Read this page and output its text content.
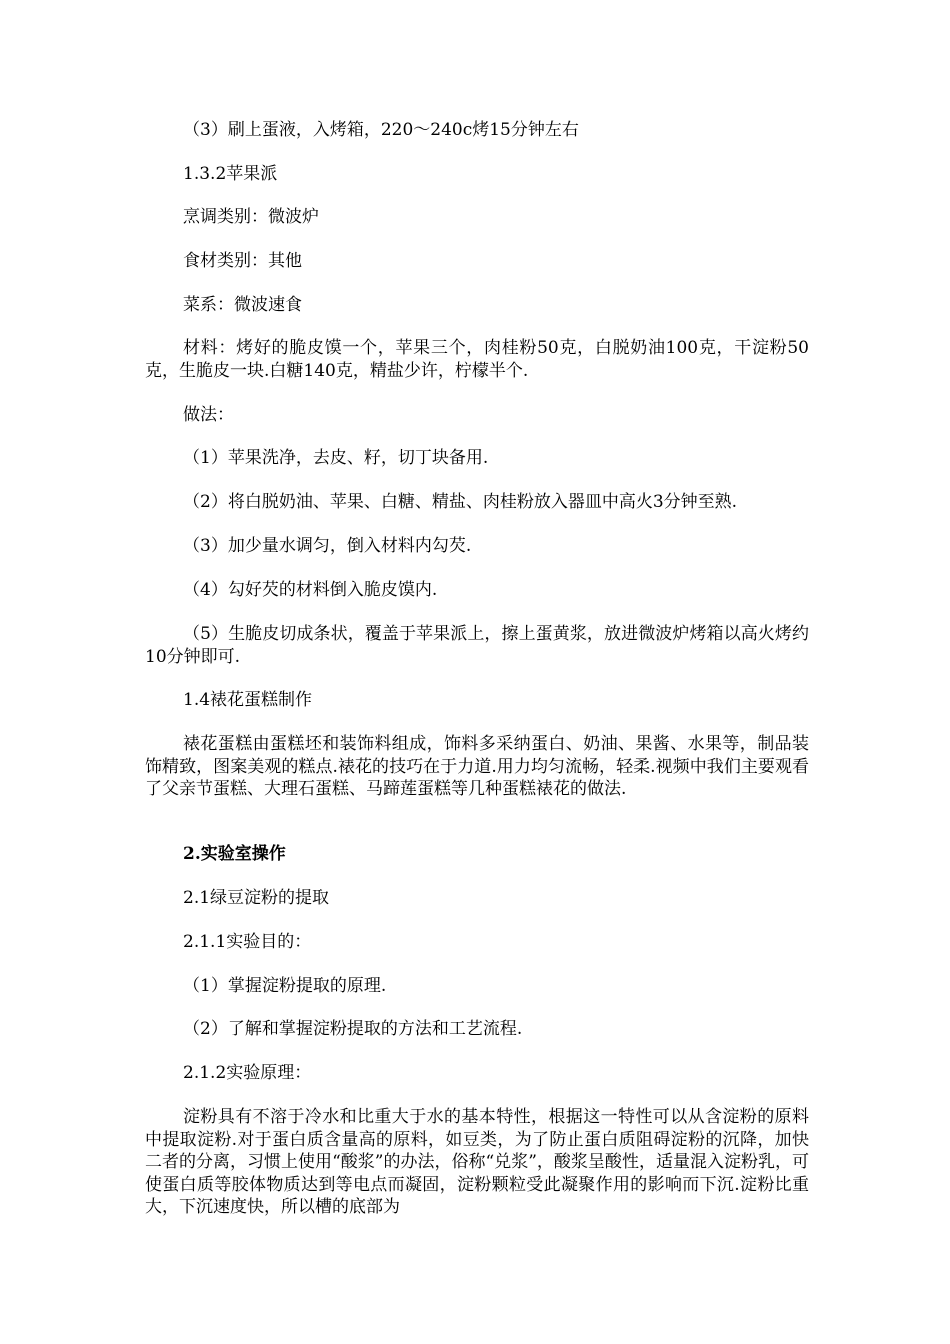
（3）刷上蛋液，入烤箱，220～240c烤15分钟左右
1.3.2苹果派
烹调类别：微波炉
食材类别：其他
菜系：微波速食
材料：烤好的脆皮馍一个，苹果三个，肉桂粉50克，白脱奶油100克，干淀粉50克，生脆皮一块.白糖140克，精盐少许，柠檬半个.
做法：
（1）苹果洗净，去皮、籽，切丁块备用.
（2）将白脱奶油、苹果、白糖、精盐、肉桂粉放入器皿中高火3分钟至熟.
（3）加少量水调匀，倒入材料内勾芡.
（4）勾好芡的材料倒入脆皮馍内.
（5）生脆皮切成条状，覆盖于苹果派上，擦上蛋黄浆，放进微波炉烤箱以高火烤约10分钟即可.
1.4裱花蛋糕制作
裱花蛋糕由蛋糕坯和装饰料组成，饰料多采纳蛋白、奶油、果酱、水果等，制品装饰精致，图案美观的糕点.裱花的技巧在于力道.用力均匀流畅，轻柔.视频中我们主要观看了父亲节蛋糕、大理石蛋糕、马蹄莲蛋糕等几种蛋糕裱花的做法.
2.实验室操作
2.1绿豆淀粉的提取
2.1.1实验目的：
（1）掌握淀粉提取的原理.
（2）了解和掌握淀粉提取的方法和工艺流程.
2.1.2实验原理：
淀粉具有不溶于冷水和比重大于水的基本特性，根据这一特性可以从含淀粉的原料中提取淀粉.对于蛋白质含量高的原料，如豆类，为了防止蛋白质阻碍淀粉的沉降，加快二者的分离，习惯上使用“酸浆”的办法，俗称“兑浆”，酸浆呈酸性，适量混入淀粉乳，可使蛋白质等胶体物质达到等电点而凝固，淀粉颗粒受此凝聚作用的影响而下沉.淀粉比重大，下沉速度快，所以槽的底部为
